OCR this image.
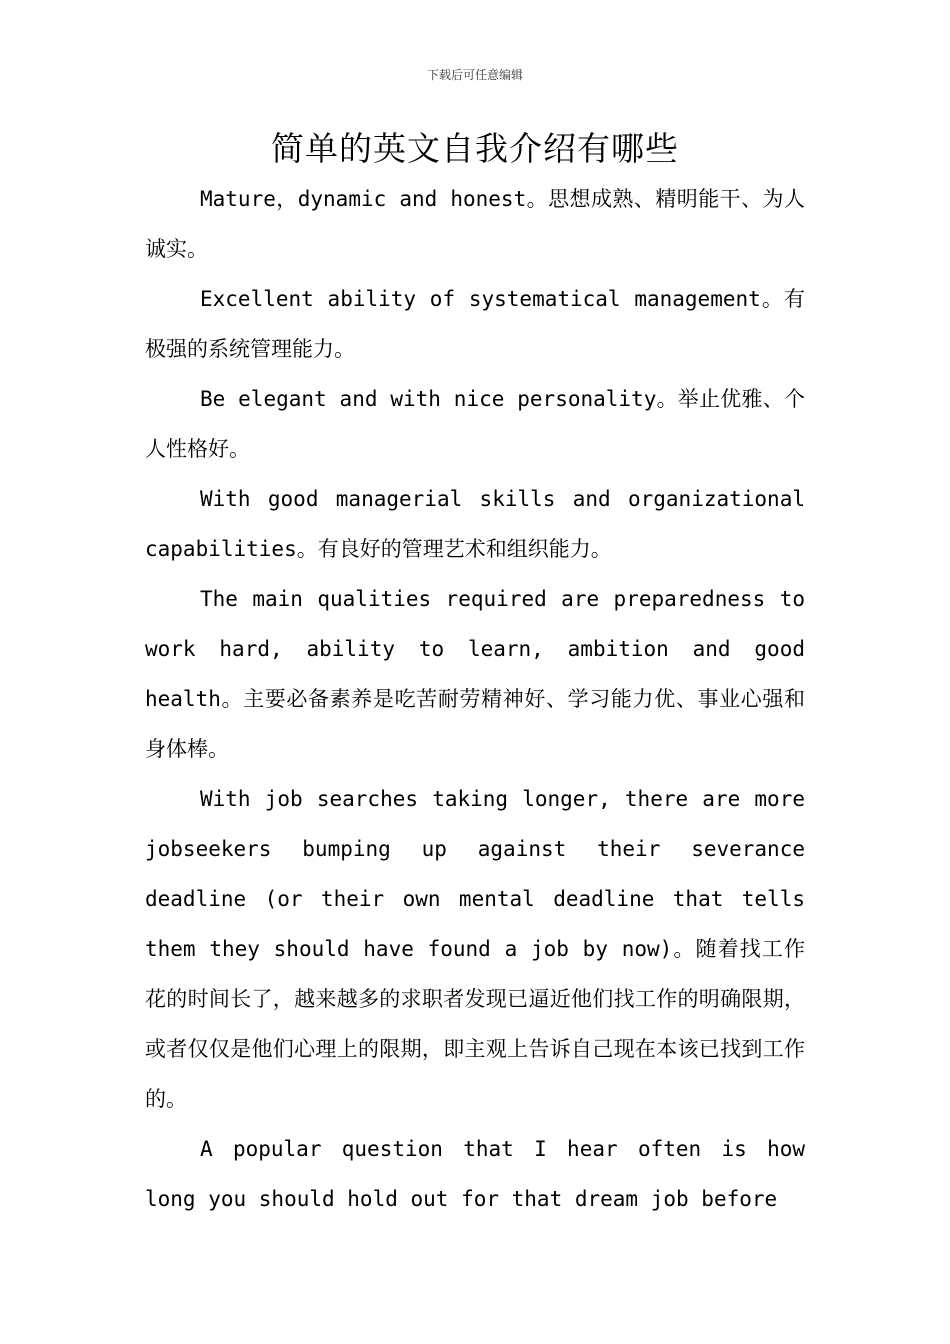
下载后可任意编辑
简单的英文自我介绍有哪些

Mature，dynamic and honest。思想成熟、精明能干、为人诚实。

Excellent ability of systematical management。有极强的系统管理能力。

Be elegant and with nice personality。举止优雅、个人性格好。

With good managerial skills and organizational capabilities。有良好的管理艺术和组织能力。

The main qualities required are preparedness to work hard, ability to learn, ambition and good health。主要必备素养是吃苦耐劳精神好、学习能力优、事业心强和身体棒。

With job searches taking longer, there are more jobseekers bumping up against their severance deadline (or their own mental deadline that tells them they should have found a job by now)。随着找工作花的时间长了，越来越多的求职者发现已逼近他们找工作的明确限期，或者仅仅是他们心理上的限期，即主观上告诉自己现在本该已找到工作的。

A popular question that I hear often is how long you should hold out for that dream job before
